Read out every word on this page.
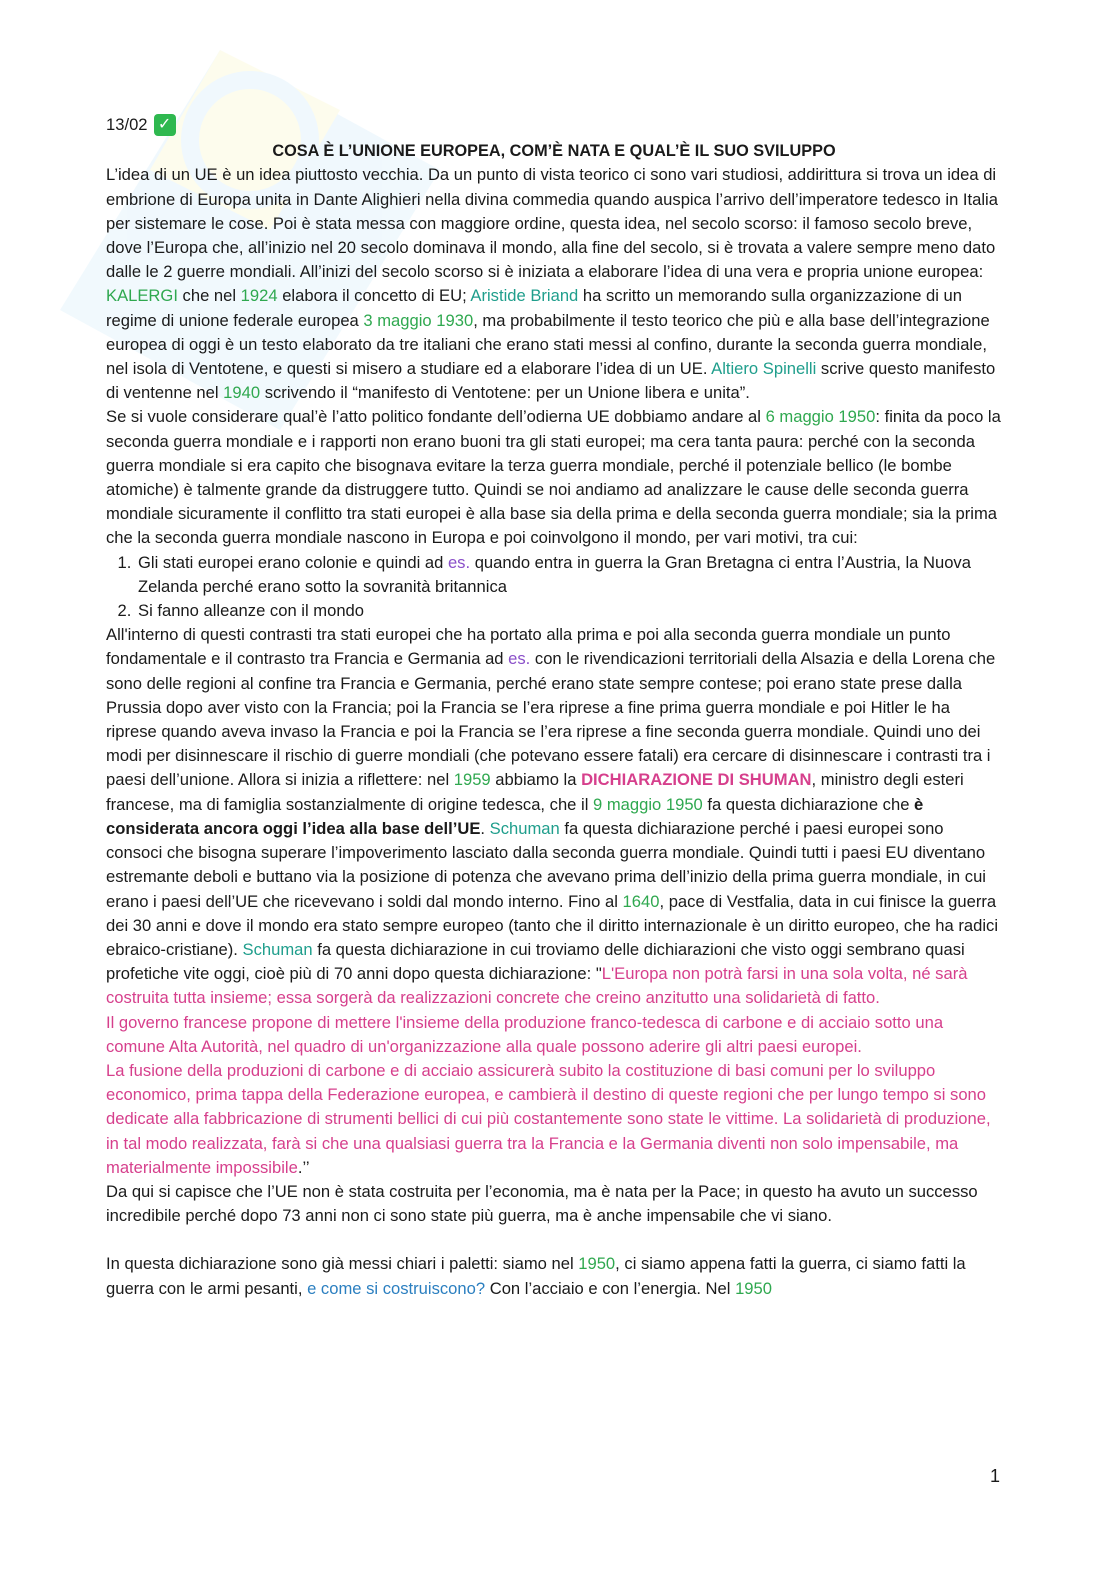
13/02 ✓
COSA È L’UNIONE EUROPEA, COM’È NATA E QUAL’È IL SUO SVILUPPO

L’idea di un UE è un idea piuttosto vecchia. Da un punto di vista teorico ci sono vari studiosi, addirittura si trova un idea di embrione di Europa unita in Dante Alighieri nella divina commedia quando auspica l’arrivo dell’imperatore tedesco in Italia per sistemare le cose. Poi è stata messa con maggiore ordine, questa idea, nel secolo scorso: il famoso secolo breve, dove l’Europa che, all’inizio nel 20 secolo dominava il mondo, alla fine del secolo, si è trovata a valere sempre meno dato dalle le 2 guerre mondiali. All’inizi del secolo scorso si è iniziata a elaborare l’idea di una vera e propria unione europea: KALERGI che nel 1924 elabora il concetto di EU; Aristide Briand ha scritto un memorando sulla organizzazione di un regime di unione federale europea 3 maggio 1930, ma probabilmente il testo teorico che più e alla base dell’integrazione europea di oggi è un testo elaborato da tre italiani che erano stati messi al confino, durante la seconda guerra mondiale, nel isola di Ventotene, e questi si misero a studiare ed a elaborare l’idea di un UE. Altiero Spinelli scrive questo manifesto di ventenne nel 1940 scrivendo il “manifesto di Ventotene: per un Unione libera e unita”.

Se si vuole considerare qual’è l’atto politico fondante dell’odierna UE dobbiamo andare al 6 maggio 1950: finita da poco la seconda guerra mondiale e i rapporti non erano buoni tra gli stati europei; ma cera tanta paura: perché con la seconda guerra mondiale si era capito che bisognava evitare la terza guerra mondiale, perché il potenziale bellico (le bombe atomiche) è talmente grande da distruggere tutto. Quindi se noi andiamo ad analizzare le cause delle seconda guerra mondiale sicuramente il conflitto tra stati europei è alla base sia della prima e della seconda guerra mondiale; sia la prima che la seconda guerra mondiale nascono in Europa e poi coinvolgono il mondo, per vari motivi, tra cui:

1. Gli stati europei erano colonie e quindi ad es. quando entra in guerra la Gran Bretagna ci entra l’Austria, la Nuova Zelanda perché erano sotto la sovranità britannica
2. Si fanno alleanze con il mondo

All'interno di questi contrasti tra stati europei che ha portato alla prima e poi alla seconda guerra mondiale un punto fondamentale e il contrasto tra Francia e Germania ad es. con le rivendicazioni territoriali della Alsazia e della Lorena che sono delle regioni al confine tra Francia e Germania, perché erano state sempre contese; poi erano state prese dalla Prussia dopo aver visto con la Francia; poi la Francia se l’era riprese a fine prima guerra mondiale e poi Hitler le ha riprese quando aveva invaso la Francia e poi la Francia se l’era riprese a fine seconda guerra mondiale. Quindi uno dei modi per disinnescare il rischio di guerre mondiali (che potevano essere fatali) era cercare di disinnescare i contrasti tra i paesi dell’unione. Allora si inizia a riflettere: nel 1959 abbiamo la DICHIARAZIONE DI SHUMAN, ministro degli esteri francese, ma di famiglia sostanzialmente di origine tedesca, che il 9 maggio 1950 fa questa dichiarazione che è considerata ancora oggi l’idea alla base dell’UE. Schuman fa questa dichiarazione perché i paesi europei sono consoci che bisogna superare l’impoverimento lasciato dalla seconda guerra mondiale. Quindi tutti i paesi EU diventano estremante deboli e buttano via la posizione di potenza che avevano prima dell’inizio della prima guerra mondiale, in cui erano i paesi dell’UE che ricevevano i soldi dal mondo interno. Fino al 1640, pace di Vestfalia, data in cui finisce la guerra dei 30 anni e dove il mondo era stato sempre europeo (tanto che il diritto internazionale è un diritto europeo, che ha radici ebraico-cristiane). Schuman fa questa dichiarazione in cui troviamo delle dichiarazioni che visto oggi sembrano quasi profetiche vite oggi, cioè più di 70 anni dopo questa dichiarazione: "L'Europa non potrà farsi in una sola volta, né sarà costruita tutta insieme; essa sorgerà da realizzazioni concrete che creino anzitutto una solidarietà di fatto.

Il governo francese propone di mettere l'insieme della produzione franco-tedesca di carbone e di acciaio sotto una comune Alta Autorità, nel quadro di un'organizzazione alla quale possono aderire gli altri paesi europei.

La fusione della produzioni di carbone e di acciaio assicurerà subito la costituzione di basi comuni per lo sviluppo economico, prima tappa della Federazione europea, e cambierà il destino di queste regioni che per lungo tempo si sono dedicate alla fabbricazione di strumenti bellici di cui più costantemente sono state le vittime. La solidarietà di produzione, in tal modo realizzata, farà si che una qualsiasi guerra tra la Francia e la Germania diventi non solo impensabile, ma materialmente impossibile.’’

Da qui si capisce che l’UE non è stata costruita per l’economia, ma è nata per la Pace; in questo ha avuto un successo incredibile perché dopo 73 anni non ci sono state più guerra, ma è anche impensabile che vi siano.

In questa dichiarazione sono già messi chiari i paletti: siamo nel 1950, ci siamo appena fatti la guerra, ci siamo fatti la guerra con le armi pesanti, e come si costruiscono? Con l’acciaio e con l’energia. Nel 1950

1
